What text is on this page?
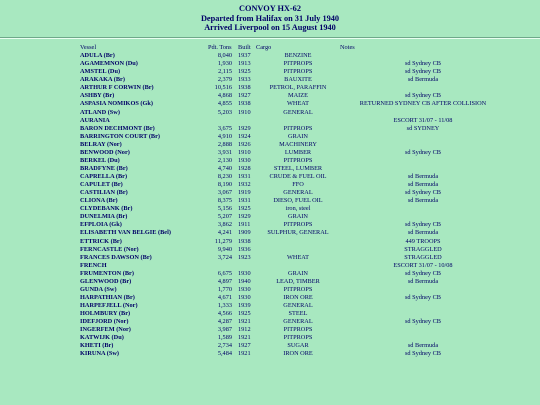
CONVOY HX-62
Departed from Halifax on 31 July 1940
Arrived Liverpool on 15 August 1940
Vessel		Pdt. Tons	Built	Cargo	Notes
ADULA (Br)		8,040	1937	BENZINE	
AGAMEMNON (Du)		1,930	1913	PITPROPS	sd Sydney CB
AMSTEL (Du)		2,115	1925	PITPROPS	sd Sydney CB
ARAKAKA (Br)		2,379	1933	BAUXITE	sd Bermuda
ARTHUR F CORWIN (Br)		10,516	1938	PETROL, PARAFFIN	
ASHBY (Br)		4,868	1927	MAIZE	sd Sydney CB
ASPASIA NOMIKOS (Gk)		4,855	1938	WHEAT	RETURNED SYDNEY CB AFTER COLLISION
ATLAND (Sw)		5,203	1910	GENERAL	
AURANIA					ESCORT 31/07 - 11/08
BARON DECHMONT (Br)		3,675	1929	PITPROPS	sd SYDNEY
BARRINGTON COURT (Br)		4,910	1924	GRAIN	
BELRAY (Nor)		2,888	1926	MACHINERY	
BENWOOD (Nor)		3,931	1910	LUMBER	sd Sydney CB
BERKEL (Du)		2,130	1930	PITPROPS	
BRADFYNE (Br)		4,740	1928	STEEL, LUMBER	
CAPRELLA (Br)		8,230	1931	CRUDE & FUEL OIL	sd Bermuda
CAPULET (Br)		8,190	1932	FFO	sd Bermuda
CASTILIAN (Br)		3,067	1919	GENERAL	sd Sydney CB
CLIONA (Br)		8,375	1931	DIESO, FUEL OIL	sd Bermuda
CLYDEBANK (Br)		5,156	1925	iron, steel	
DUNELMIA (Br)		5,207	1929	GRAIN	
EFPLOIA (Gk)		3,862	1911	PITPROPS	sd Sydney CB
ELISABETH VAN BELGIE (Bel)		4,241	1909	SULPHUR, GENERAL	sd Bermuda
ETTRICK (Br)		11,279	1938		449 TROOPS
FERNCASTLE (Nor)		9,940	1936		STRAGGLED
FRANCES DAWSON (Br)		3,724	1923	WHEAT	STRAGGLED
FRENCH					ESCORT 31/07 - 10/08
FRUMENTON (Br)		6,675	1930	GRAIN	sd Sydney CB
GLENWOOD (Br)		4,897	1940	LEAD, TIMBER	sd Bermuda
GUNDA (Sw)		1,770	1930	PITPROPS	
HARPATHIAN (Br)		4,671	1930	IRON ORE	sd Sydney CB
HARPEFJELL (Nor)		1,333	1939	GENERAL	
HOLMBURY (Br)		4,566	1925	STEEL	
IDEFJORD (Nor)		4,287	1921	GENERAL	sd Sydney CB
INGERFEM (Nor)		3,987	1912	PITPROPS	
KATWIJK (Du)		1,589	1921	PITPROPS	
KHETI (Br)		2,734	1927	SUGAR	sd Bermuda
KIRUNA (Sw)		5,484	1921	IRON ORE	sd Sydney CB
